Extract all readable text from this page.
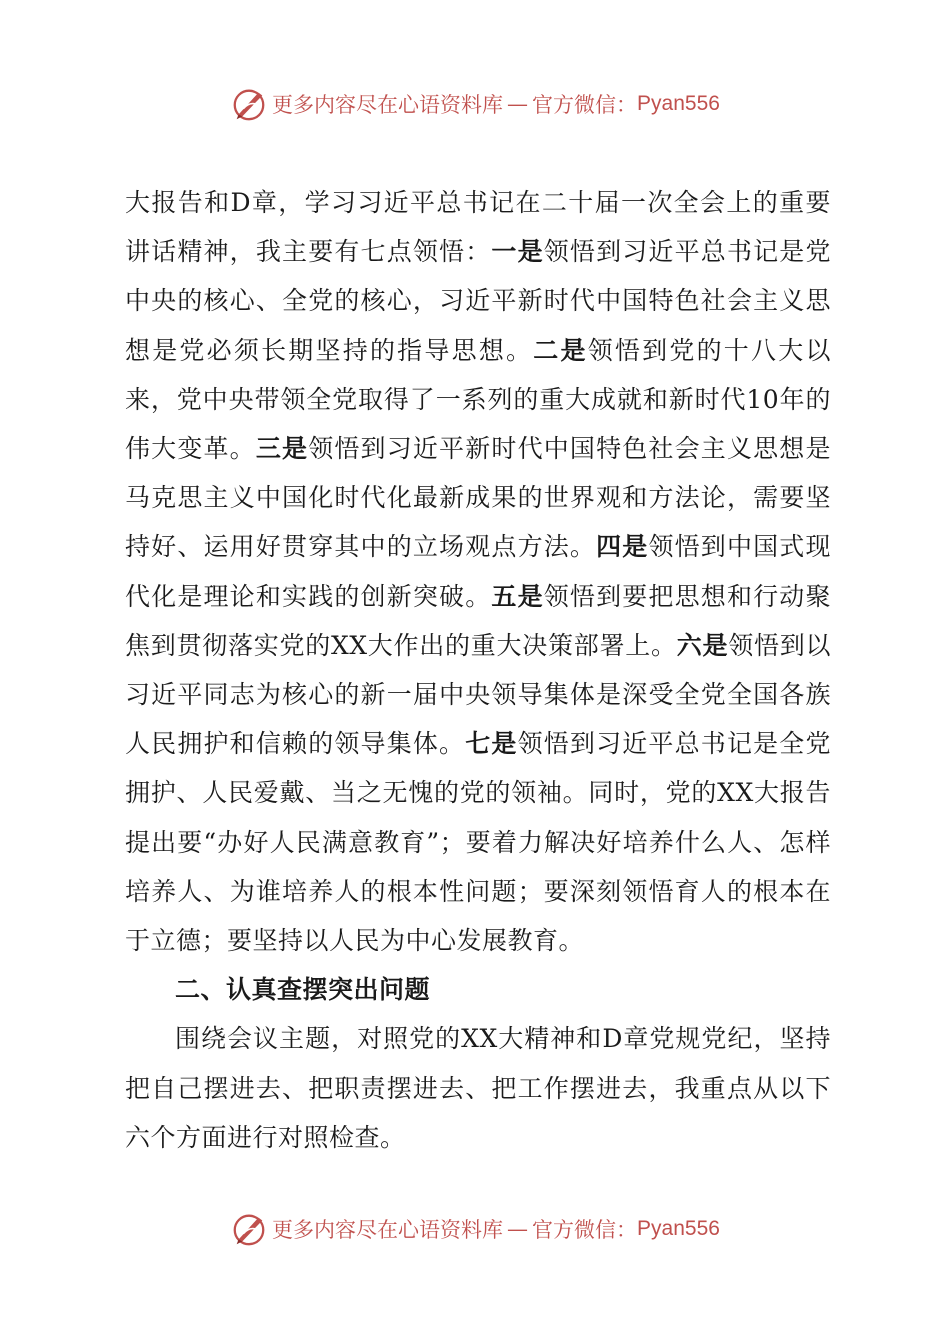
更多内容尽在心语资料库 — 官方微信： Pyan556

大报告和D章，学习习近平总书记在二十届一次全会上的重要讲话精神，我主要有七点领悟：一是领悟到习近平总书记是党中央的核心、全党的核心，习近平新时代中国特色社会主义思想是党必须长期坚持的指导思想。二是领悟到党的十八大以来，党中央带领全党取得了一系列的重大成就和新时代10年的伟大变革。三是领悟到习近平新时代中国特色社会主义思想是马克思主义中国化时代化最新成果的世界观和方法论，需要坚持好、运用好贯穿其中的立场观点方法。四是领悟到中国式现代化是理论和实践的创新突破。五是领悟到要把思想和行动聚焦到贯彻落实党的XX大作出的重大决策部署上。六是领悟到以习近平同志为核心的新一届中央领导集体是深受全党全国各族人民拥护和信赖的领导集体。七是领悟到习近平总书记是全党拥护、人民爱戴、当之无愧的党的领袖。同时，党的XX大报告提出要“办好人民满意教育”；要着力解决好培养什么人、怎样培养人、为谁培养人的根本性问题；要深刻领悟育人的根本在于立德；要坚持以人民为中心发展教育。

二、认真查摆突出问题

围绕会议主题，对照党的XX大精神和D章党规党纪，坚持把自己摆进去、把职责摆进去、把工作摆进去，我重点从以下六个方面进行对照检查。

更多内容尽在心语资料库 — 官方微信： Pyan556
